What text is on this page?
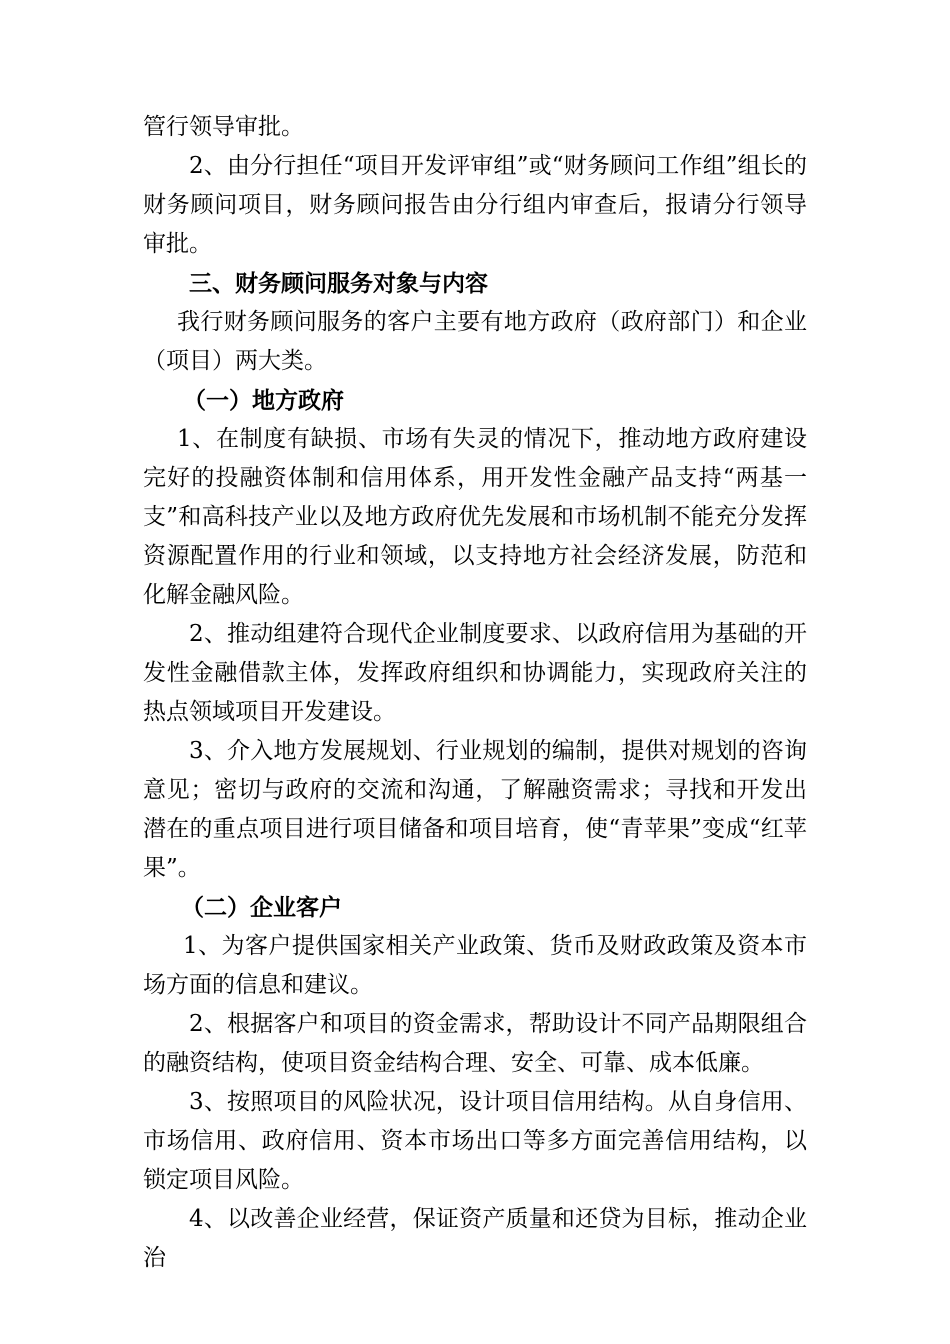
管行领导审批。

2、由分行担任“项目开发评审组”或“财务顾问工作组”组长的财务顾问项目，财务顾问报告由分行组内审查后，报请分行领导审批。

三、财务顾问服务对象与内容

我行财务顾问服务的客户主要有地方政府（政府部门）和企业（项目）两大类。

（一）地方政府

1、在制度有缺损、市场有失灵的情况下，推动地方政府建设完好的投融资体制和信用体系，用开发性金融产品支持“两基一支”和高科技产业以及地方政府优先发展和市场机制不能充分发挥资源配置作用的行业和领域，以支持地方社会经济发展，防范和化解金融风险。

2、推动组建符合现代企业制度要求、以政府信用为基础的开发性金融借款主体，发挥政府组织和协调能力，实现政府关注的热点领域项目开发建设。

3、介入地方发展规划、行业规划的编制，提供对规划的咨询意见；密切与政府的交流和沟通，了解融资需求；寻找和开发出潜在的重点项目进行项目储备和项目培育，使“青苹果”变成“红苹果”。

（二）企业客户

1、为客户提供国家相关产业政策、货币及财政政策及资本市场方面的信息和建议。

2、根据客户和项目的资金需求，帮助设计不同产品期限组合的融资结构，使项目资金结构合理、安全、可靠、成本低廉。

3、按照项目的风险状况，设计项目信用结构。从自身信用、市场信用、政府信用、资本市场出口等多方面完善信用结构，以锁定项目风险。

4、以改善企业经营，保证资产质量和还贷为目标，推动企业治
